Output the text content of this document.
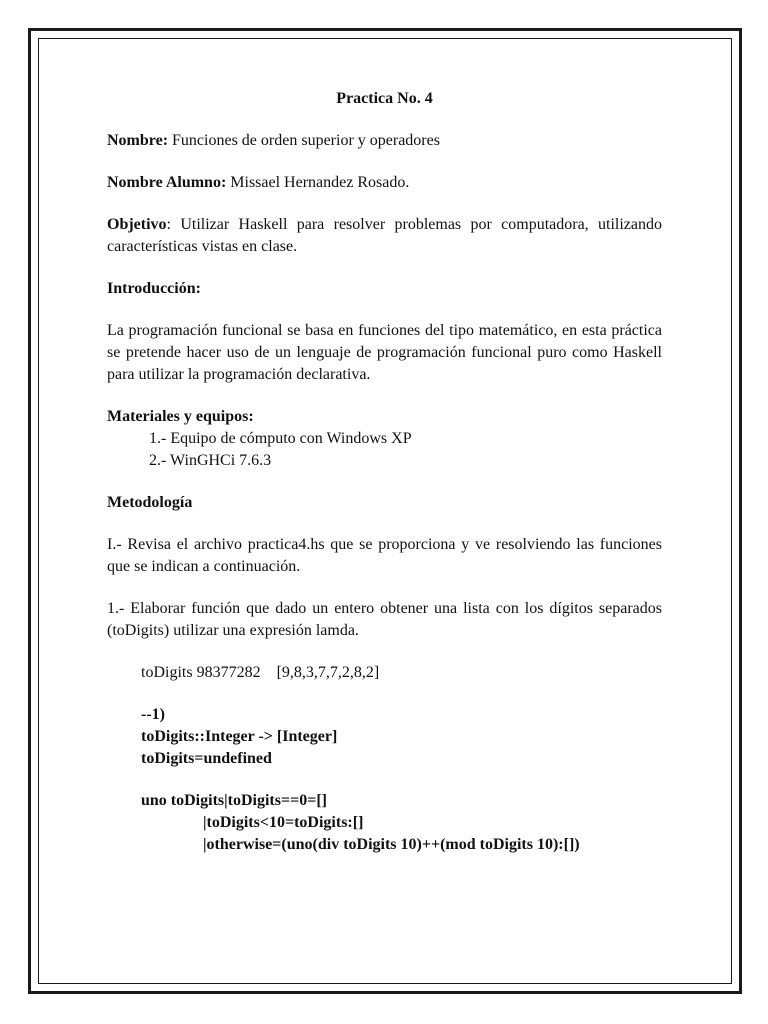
Practica No. 4

Nombre: Funciones de orden superior y operadores

Nombre Alumno: Missael Hernandez Rosado.

Objetivo: Utilizar Haskell para resolver problemas por computadora, utilizando características vistas en clase.

Introducción:

La programación funcional se basa en funciones del tipo matemático, en esta práctica se pretende hacer uso de un lenguaje de programación funcional puro como Haskell para utilizar la programación declarativa.

Materiales y equipos:
1.- Equipo de cómputo con Windows XP
2.- WinGHCi 7.6.3
Metodología

I.- Revisa el archivo practica4.hs que se proporciona y ve resolviendo las funciones que se indican a continuación.

1.- Elaborar función que dado un entero obtener una lista con los dígitos separados (toDigits) utilizar una expresión lamda.

toDigits 98377282 [9,8,3,7,7,2,8,2]
--1)
toDigits::Integer -> [Integer]
toDigits=undefined
uno toDigits|toDigits==0=[]
|toDigits<10=toDigits:[]
|otherwise=(uno(div toDigits 10)++(mod toDigits 10):[])
